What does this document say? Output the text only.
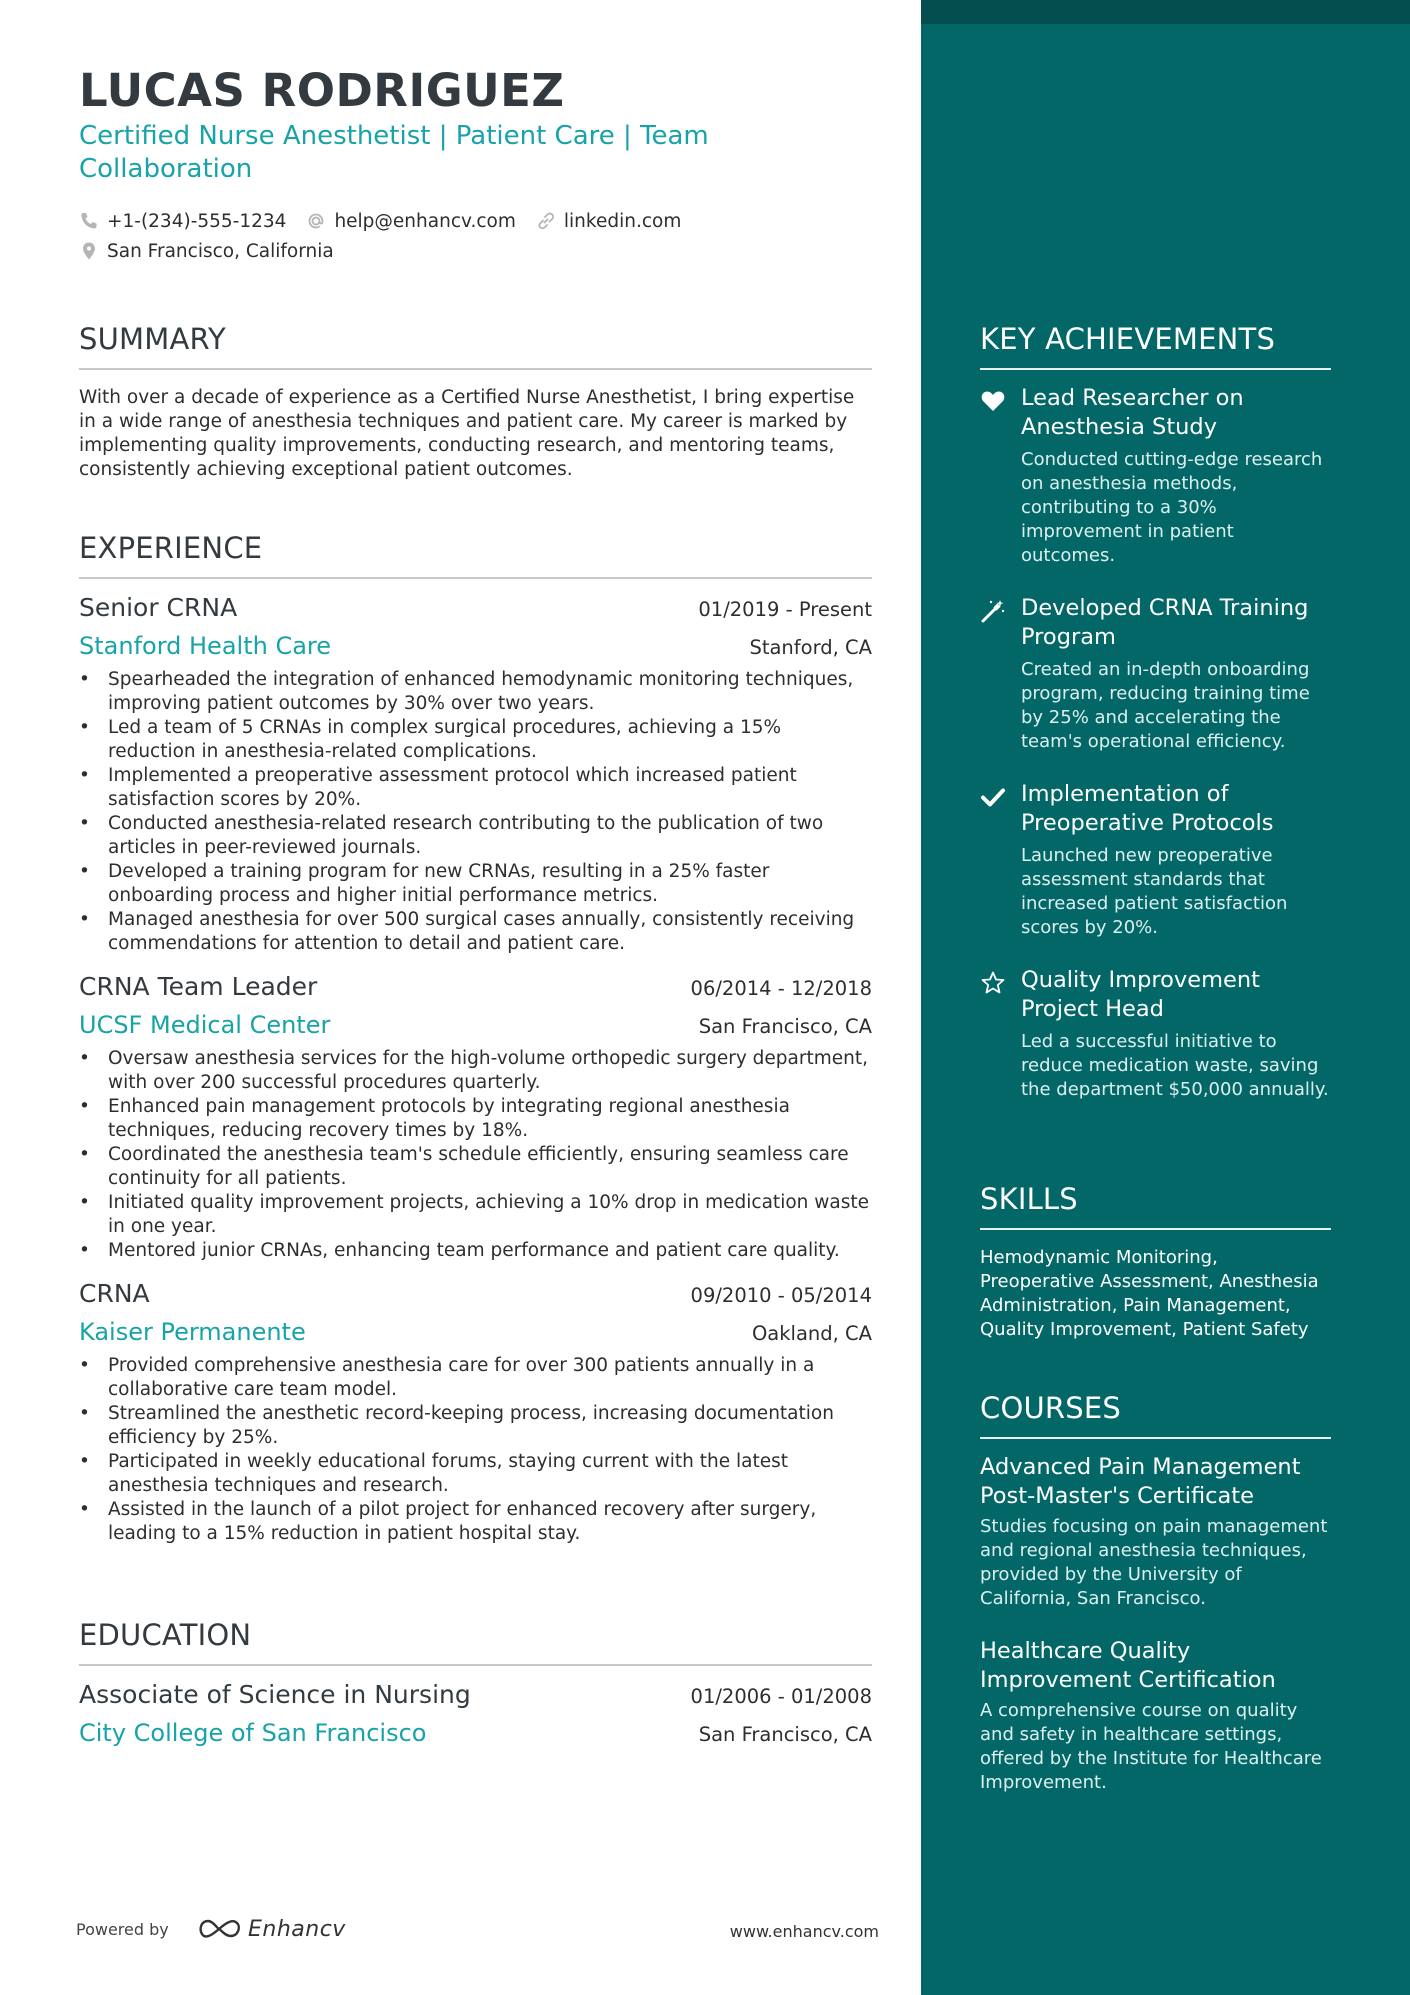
LUCAS RODRIGUEZ
Certified Nurse Anesthetist | Patient Care | Team Collaboration
+1-(234)-555-1234	help@enhancv.com	linkedin.com
San Francisco, California
SUMMARY
With over a decade of experience as a Certified Nurse Anesthetist, I bring expertise in a wide range of anesthesia techniques and patient care. My career is marked by implementing quality improvements, conducting research, and mentoring teams, consistently achieving exceptional patient outcomes.
EXPERIENCE
Senior CRNA	01/2019 - Present
Stanford Health Care	Stanford, CA
• Spearheaded the integration of enhanced hemodynamic monitoring techniques, improving patient outcomes by 30% over two years.
• Led a team of 5 CRNAs in complex surgical procedures, achieving a 15% reduction in anesthesia-related complications.
• Implemented a preoperative assessment protocol which increased patient satisfaction scores by 20%.
• Conducted anesthesia-related research contributing to the publication of two articles in peer-reviewed journals.
• Developed a training program for new CRNAs, resulting in a 25% faster onboarding process and higher initial performance metrics.
• Managed anesthesia for over 500 surgical cases annually, consistently receiving commendations for attention to detail and patient care.
CRNA Team Leader	06/2014 - 12/2018
UCSF Medical Center	San Francisco, CA
• Oversaw anesthesia services for the high-volume orthopedic surgery department, with over 200 successful procedures quarterly.
• Enhanced pain management protocols by integrating regional anesthesia techniques, reducing recovery times by 18%.
• Coordinated the anesthesia team's schedule efficiently, ensuring seamless care continuity for all patients.
• Initiated quality improvement projects, achieving a 10% drop in medication waste in one year.
• Mentored junior CRNAs, enhancing team performance and patient care quality.
CRNA	09/2010 - 05/2014
Kaiser Permanente	Oakland, CA
• Provided comprehensive anesthesia care for over 300 patients annually in a collaborative care team model.
• Streamlined the anesthetic record-keeping process, increasing documentation efficiency by 25%.
• Participated in weekly educational forums, staying current with the latest anesthesia techniques and research.
• Assisted in the launch of a pilot project for enhanced recovery after surgery, leading to a 15% reduction in patient hospital stay.
EDUCATION
Associate of Science in Nursing	01/2006 - 01/2008
City College of San Francisco	San Francisco, CA
Powered by	Enhancv	www.enhancv.com
KEY ACHIEVEMENTS
Lead Researcher on Anesthesia Study
Conducted cutting-edge research on anesthesia methods, contributing to a 30% improvement in patient outcomes.
Developed CRNA Training Program
Created an in-depth onboarding program, reducing training time by 25% and accelerating the team's operational efficiency.
Implementation of Preoperative Protocols
Launched new preoperative assessment standards that increased patient satisfaction scores by 20%.
Quality Improvement Project Head
Led a successful initiative to reduce medication waste, saving the department $50,000 annually.
SKILLS
Hemodynamic Monitoring, Preoperative Assessment, Anesthesia Administration, Pain Management, Quality Improvement, Patient Safety
COURSES
Advanced Pain Management Post-Master's Certificate
Studies focusing on pain management and regional anesthesia techniques, provided by the University of California, San Francisco.
Healthcare Quality Improvement Certification
A comprehensive course on quality and safety in healthcare settings, offered by the Institute for Healthcare Improvement.
